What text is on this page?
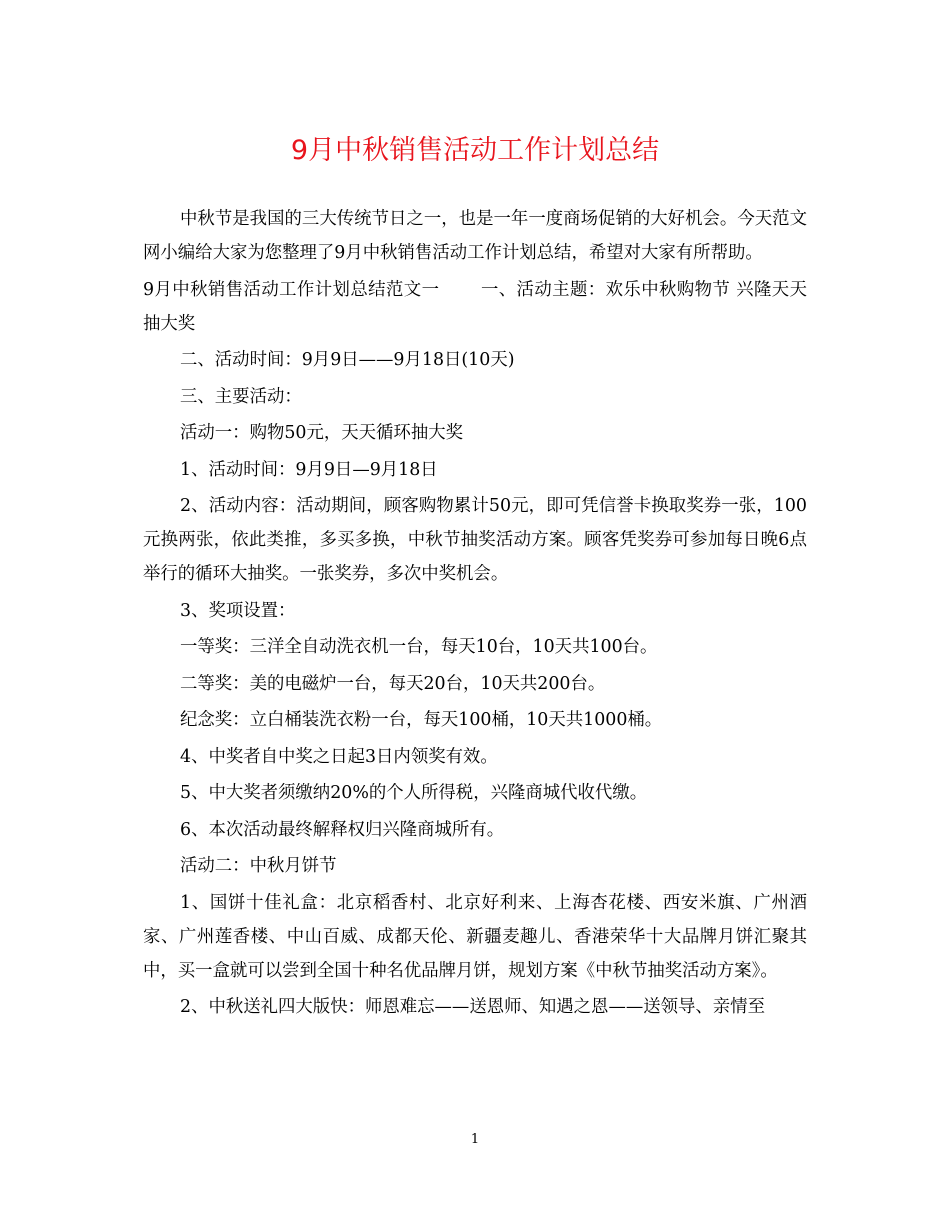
9月中秋销售活动工作计划总结

中秋节是我国的三大传统节日之一，也是一年一度商场促销的大好机会。今天范文网小编给大家为您整理了9月中秋销售活动工作计划总结，希望对大家有所帮助。

9月中秋销售活动工作计划总结范文一　　 一、活动主题：欢乐中秋购物节 兴隆天天抽大奖

二、活动时间：9月9日——9月18日(10天)

三、主要活动：

活动一：购物50元，天天循环抽大奖

1、活动时间：9月9日—9月18日

2、活动内容：活动期间，顾客购物累计50元，即可凭信誉卡换取奖券一张，100元换两张，依此类推，多买多换，中秋节抽奖活动方案。顾客凭奖券可参加每日晚6点举行的循环大抽奖。一张奖券，多次中奖机会。

3、奖项设置：

一等奖：三洋全自动洗衣机一台，每天10台，10天共100台。

二等奖：美的电磁炉一台，每天20台，10天共200台。

纪念奖：立白桶装洗衣粉一台，每天100桶，10天共1000桶。

4、中奖者自中奖之日起3日内领奖有效。

5、中大奖者须缴纳20%的个人所得税，兴隆商城代收代缴。

6、本次活动最终解释权归兴隆商城所有。

活动二：中秋月饼节

1、国饼十佳礼盒：北京稻香村、北京好利来、上海杏花楼、西安米旗、广州酒家、广州莲香楼、中山百威、成都天伦、新疆麦趣儿、香港荣华十大品牌月饼汇聚其中，买一盒就可以尝到全国十种名优品牌月饼，规划方案《中秋节抽奖活动方案》。

2、中秋送礼四大版快：师恩难忘——送恩师、知遇之恩——送领导、亲情至

1
